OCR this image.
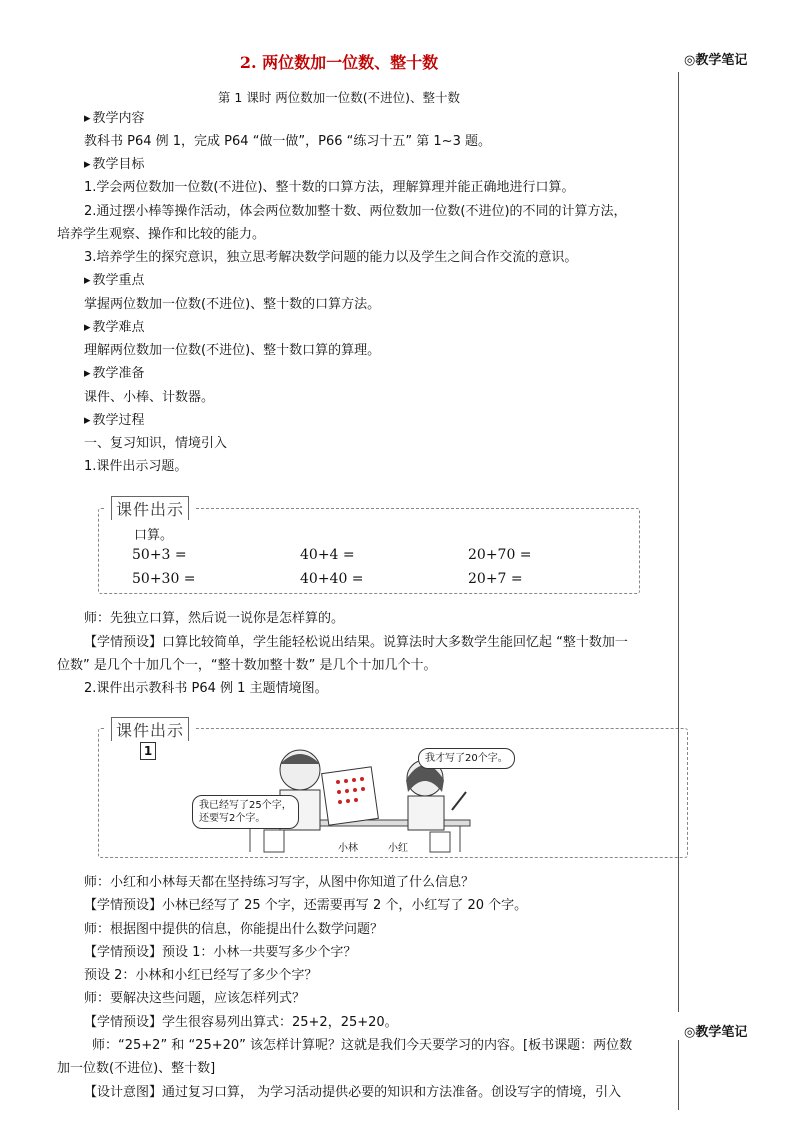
2. 两位数加一位数、整十数
第 1 课时 两位数加一位数(不进位)、整十数
▸ 教学内容
教科书 P64 例 1，完成 P64 “做一做”，P66 “练习十五” 第 1~3 题。
▸ 教学目标
1.学会两位数加一位数(不进位)、整十数的口算方法，理解算理并能正确地进行口算。
2.通过摆小棒等操作活动，体会两位数加整十数、两位数加一位数(不进位)的不同的计算方法，
培养学生观察、操作和比较的能力。
3.培养学生的探究意识，独立思考解决数学问题的能力以及学生之间合作交流的意识。
▸ 教学重点
掌握两位数加一位数(不进位)、整十数的口算方法。
▸ 教学难点
理解两位数加一位数(不进位)、整十数口算的算理。
▸ 教学准备
课件、小棒、计数器。
▸ 教学过程
一、复习知识，情境引入
1.课件出示习题。
课件出示
口算。
50+3 =	40+4 =	20+70 =
50+30 =	40+40 =	20+7 =
师：先独立口算，然后说一说你是怎样算的。
【学情预设】口算比较简单，学生能轻松说出结果。说算法时大多数学生能回忆起 “整十数加一
位数” 是几个十加几个一，“整十数加整十数” 是几个十加几个十。
2.课件出示教科书 P64 例 1 主题情境图。
课件出示
1
我才写了20个字。
我已经写了25个字，
还要写2个字。
小林	小红
师：小红和小林每天都在坚持练习写字，从图中你知道了什么信息？
【学情预设】小林已经写了 25 个字，还需要再写 2 个，小红写了 20 个字。
师：根据图中提供的信息，你能提出什么数学问题？
【学情预设】预设 1：小林一共要写多少个字？
预设 2：小林和小红已经写了多少个字？
师：要解决这些问题，应该怎样列式？
【学情预设】学生很容易列出算式：25+2，25+20。
师：“25+2” 和 “25+20” 该怎样计算呢？这就是我们今天要学习的内容。[板书课题：两位数
加一位数(不进位)、整十数]
【设计意图】通过复习口算， 为学习活动提供必要的知识和方法准备。创设写字的情境，引入
◎教学笔记
◎教学笔记
